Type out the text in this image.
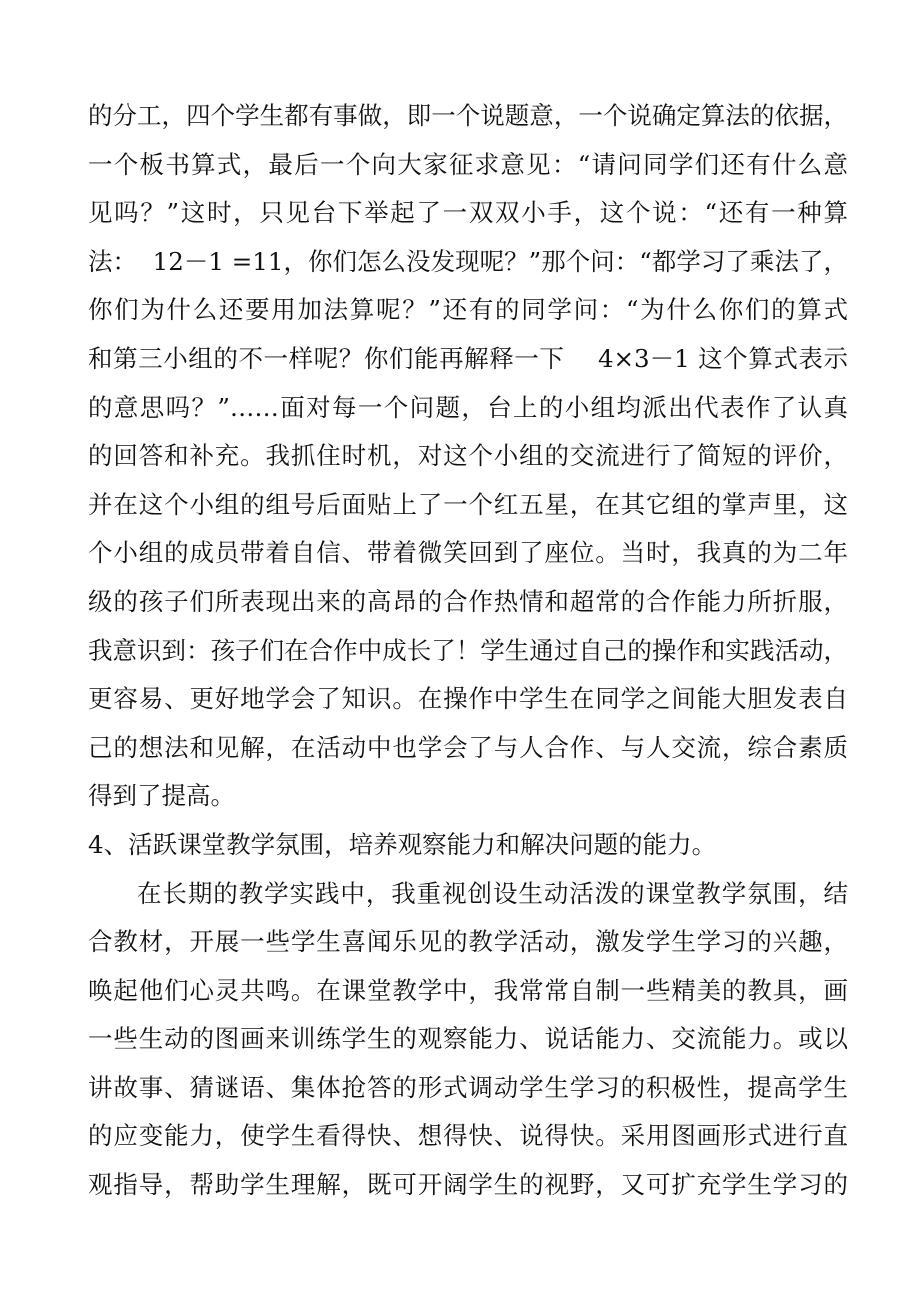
的分工，四个学生都有事做，即一个说题意，一个说确定算法的依据，
一个板书算式，最后一个向大家征求意见：“请问同学们还有什么意
见吗？”这时，只见台下举起了一双双小手，这个说：“还有一种算
法：  12－1 =11，你们怎么没发现呢？”那个问：“都学习了乘法了，
你们为什么还要用加法算呢？”还有的同学问：“为什么你们的算式
和第三小组的不一样呢？你们能再解释一下    4×3－1 这个算式表示
的意思吗？”……面对每一个问题，台上的小组均派出代表作了认真
的回答和补充。我抓住时机，对这个小组的交流进行了简短的评价，
并在这个小组的组号后面贴上了一个红五星，在其它组的掌声里，这
个小组的成员带着自信、带着微笑回到了座位。当时，我真的为二年
级的孩子们所表现出来的高昂的合作热情和超常的合作能力所折服，
我意识到：孩子们在合作中成长了！学生通过自己的操作和实践活动，
更容易、更好地学会了知识。在操作中学生在同学之间能大胆发表自
己的想法和见解，在活动中也学会了与人合作、与人交流，综合素质
得到了提高。
4、活跃课堂教学氛围，培养观察能力和解决问题的能力。
在长期的教学实践中，我重视创设生动活泼的课堂教学氛围，结
合教材，开展一些学生喜闻乐见的教学活动，激发学生学习的兴趣，
唤起他们心灵共鸣。在课堂教学中，我常常自制一些精美的教具，画
一些生动的图画来训练学生的观察能力、说话能力、交流能力。或以
讲故事、猜谜语、集体抢答的形式调动学生学习的积极性，提高学生
的应变能力，使学生看得快、想得快、说得快。采用图画形式进行直
观指导，帮助学生理解，既可开阔学生的视野，又可扩充学生学习的
